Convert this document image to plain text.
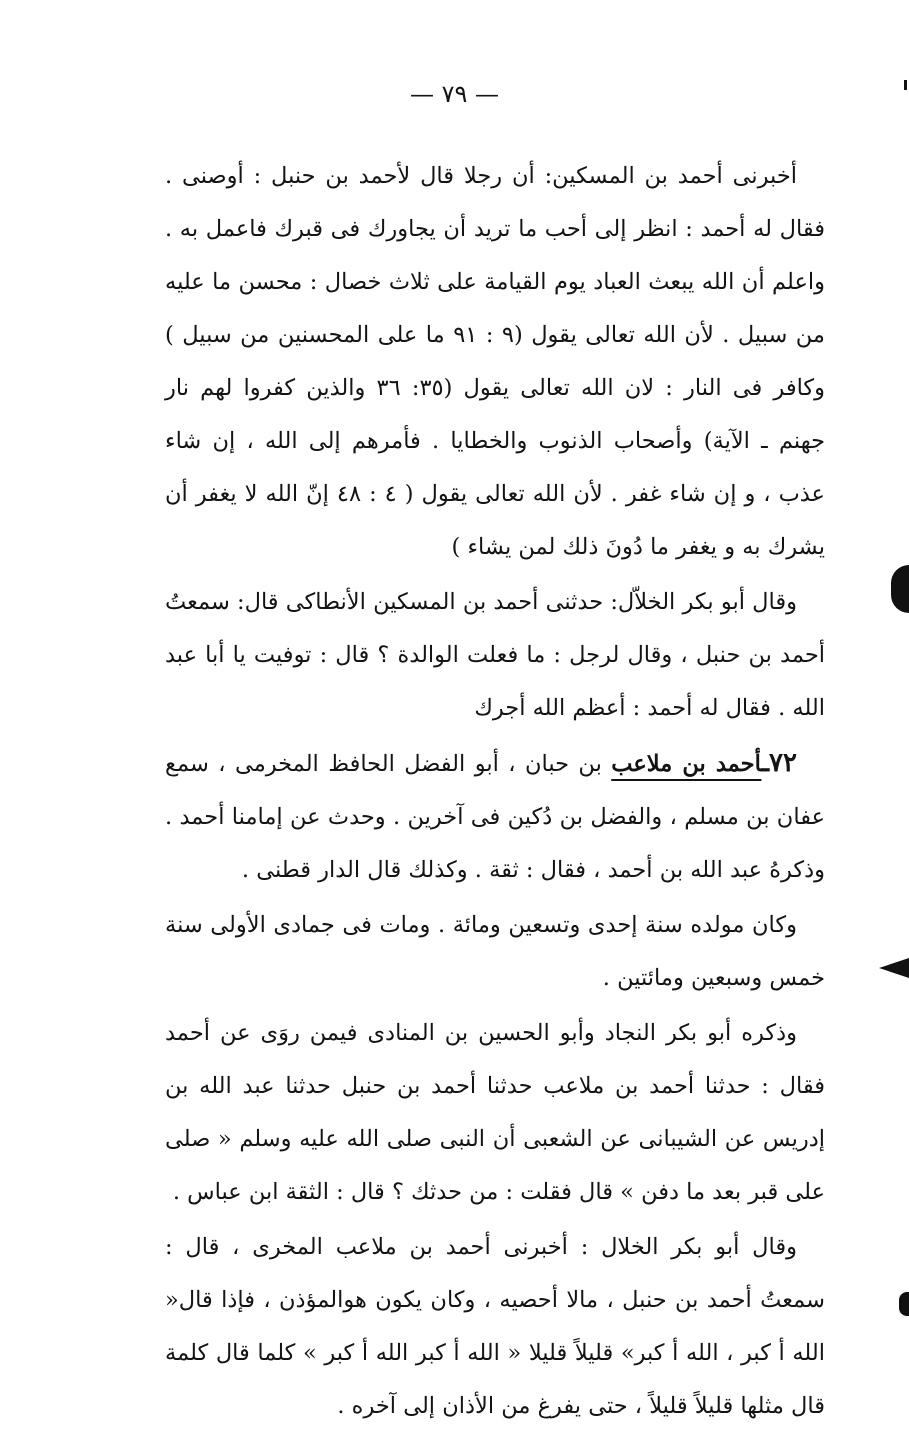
— ٧٩ —

أخبرنى أحمد بن المسكين: أن رجلا قال لأحمد بن حنبل : أوصنى . فقال له أحمد : انظر إلى أحب ما تريد أن يجاورك فى قبرك فاعمل به . واعلم أن الله يبعث العباد يوم القيامة على ثلاث خصال : محسن ما عليه من سبيل . لأن الله تعالى يقول (٩ : ٩١ ما على المحسنين من سبيل ) وكافر فى النار : لان الله تعالى يقول (٣٥: ٣٦ والذين كفروا لهم نار جهنم ـ الآية) وأصحاب الذنوب والخطايا . فأمرهم إلى الله ، إن شاء عذب ، و إن شاء غفر . لأن الله تعالى يقول ( ٤ : ٤٨ إنّ الله لا يغفر أن يشرك به و يغفر ما دُونَ ذلك لمن يشاء )

وقال أبو بكر الخلاّل: حدثنى أحمد بن المسكين الأنطاكى قال: سمعتُ أحمد بن حنبل ، وقال لرجل : ما فعلت الوالدة ؟ قال : توفيت يا أبا عبد الله . فقال له أحمد : أعظم الله أجرك

٧٢ـأحمد بن ملاعب بن حبان ، أبو الفضل الحافظ المخرمى ، سمع عفان بن مسلم ، والفضل بن دُكين فى آخرين . وحدث عن إمامنا أحمد . وذكرهُ عبد الله بن أحمد ، فقال : ثقة . وكذلك قال الدار قطنى .

وكان مولده سنة إحدى وتسعين ومائة . ومات فى جمادى الأولى سنة خمس وسبعين ومائتين .

وذكره أبو بكر النجاد وأبو الحسين بن المنادى فيمن روَى عن أحمد فقال : حدثنا أحمد بن ملاعب حدثنا أحمد بن حنبل حدثنا عبد الله بن إدريس عن الشيبانى عن الشعبى أن النبى صلى الله عليه وسلم « صلى على قبر بعد ما دفن » قال فقلت : من حدثك ؟ قال : الثقة ابن عباس .

وقال أبو بكر الخلال : أخبرنى أحمد بن ملاعب المخرى ، قال : سمعتُ أحمد بن حنبل ، مالا أحصيه ، وكان يكون هوالمؤذن ، فإذا قال« الله أ كبر ، الله أ كبر» قليلاً قليلا « الله أ كبر الله أ كبر » كلما قال كلمة قال مثلها قليلاً قليلاً ، حتى يفرغ من الأذان إلى آخره .
